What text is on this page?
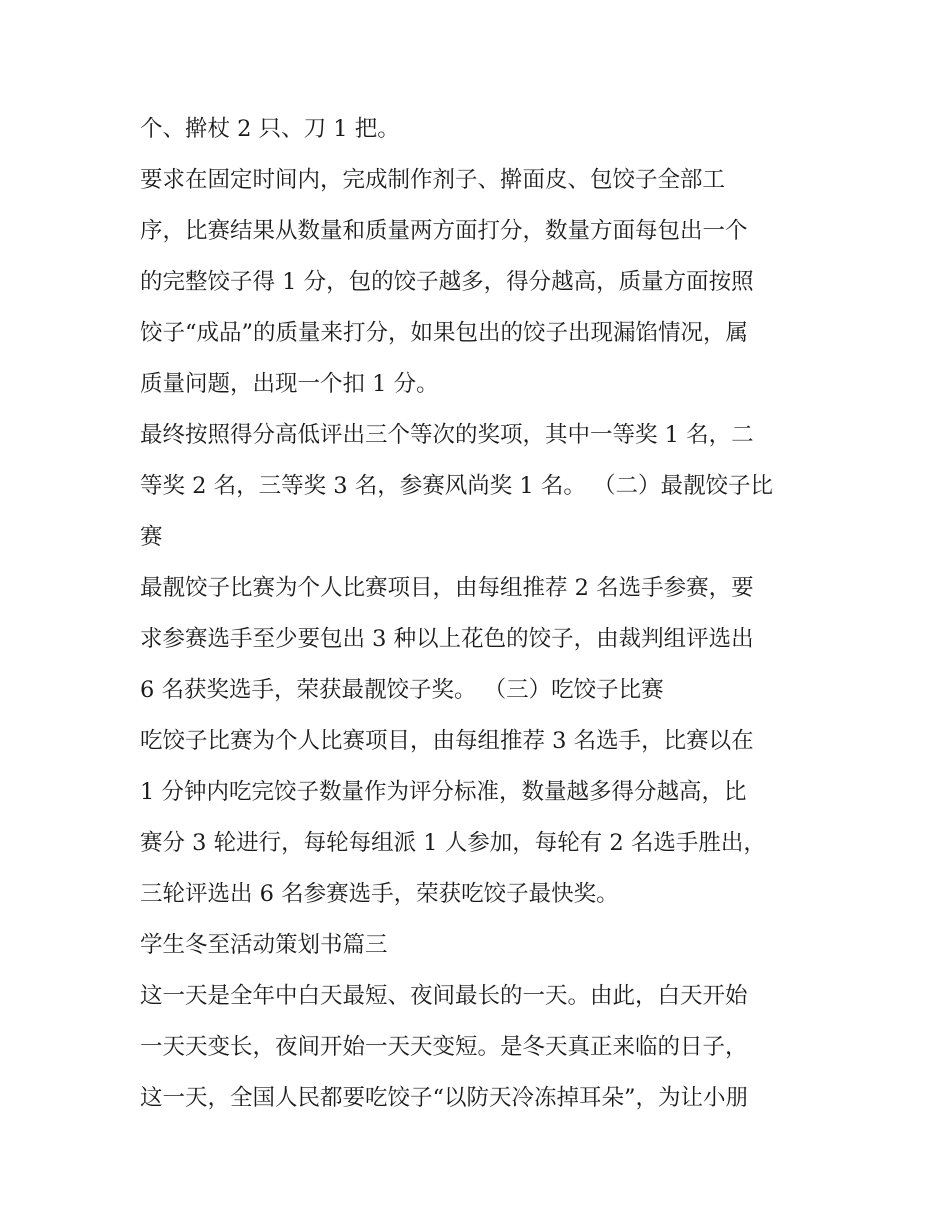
个、擀杖 2 只、刀 1 把。
要求在固定时间内，完成制作剂子、擀面皮、包饺子全部工
序，比赛结果从数量和质量两方面打分，数量方面每包出一个
的完整饺子得 1 分，包的饺子越多，得分越高，质量方面按照
饺子“成品”的质量来打分，如果包出的饺子出现漏馅情况，属
质量问题，出现一个扣 1 分。
最终按照得分高低评出三个等次的奖项，其中一等奖 1 名，二
等奖 2 名，三等奖 3 名，参赛风尚奖 1 名。 （二）最靓饺子比
赛
最靓饺子比赛为个人比赛项目，由每组推荐 2 名选手参赛，要
求参赛选手至少要包出 3 种以上花色的饺子，由裁判组评选出
6 名获奖选手，荣获最靓饺子奖。 （三）吃饺子比赛
吃饺子比赛为个人比赛项目，由每组推荐 3 名选手，比赛以在
1 分钟内吃完饺子数量作为评分标准，数量越多得分越高，比
赛分 3 轮进行，每轮每组派 1 人参加，每轮有 2 名选手胜出，
三轮评选出 6 名参赛选手，荣获吃饺子最快奖。
学生冬至活动策划书篇三
这一天是全年中白天最短、夜间最长的一天。由此，白天开始
一天天变长，夜间开始一天天变短。是冬天真正来临的日子，
这一天，全国人民都要吃饺子“以防天冷冻掉耳朵”，为让小朋
